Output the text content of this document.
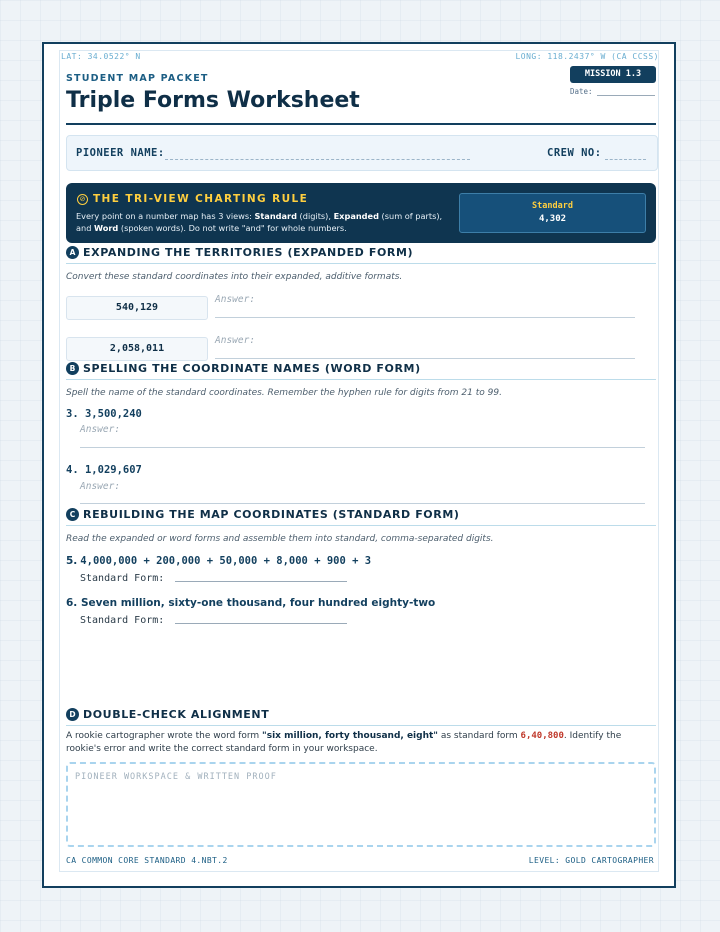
LAT: 34.0522° N	LONG: 118.2437° W (CA CCSS)
STUDENT MAP PACKET
Triple Forms Worksheet
MISSION 1.3
Date:
PIONEER NAME:	CREW NO:
⊘ THE TRI-VIEW CHARTING RULE
Every point on a number map has 3 views: Standard (digits), Expanded (sum of parts), and Word (spoken words). Do not write "and" for whole numbers.
Standard
4,302
A EXPANDING THE TERRITORIES (EXPANDED FORM)
Convert these standard coordinates into their expanded, additive formats.
540,129
Answer:
2,058,011
Answer:
B SPELLING THE COORDINATE NAMES (WORD FORM)
Spell the name of the standard coordinates. Remember the hyphen rule for digits from 21 to 99.
3. 3,500,240
Answer:
4. 1,029,607
Answer:
C REBUILDING THE MAP COORDINATES (STANDARD FORM)
Read the expanded or word forms and assemble them into standard, comma-separated digits.
5. 4,000,000 + 200,000 + 50,000 + 8,000 + 900 + 3
Standard Form:
6. Seven million, sixty-one thousand, four hundred eighty-two
Standard Form:
D DOUBLE-CHECK ALIGNMENT
A rookie cartographer wrote the word form "six million, forty thousand, eight" as standard form 6,40,800. Identify the rookie's error and write the correct standard form in your workspace.
PIONEER WORKSPACE & WRITTEN PROOF
CA COMMON CORE STANDARD 4.NBT.2	LEVEL: GOLD CARTOGRAPHER
